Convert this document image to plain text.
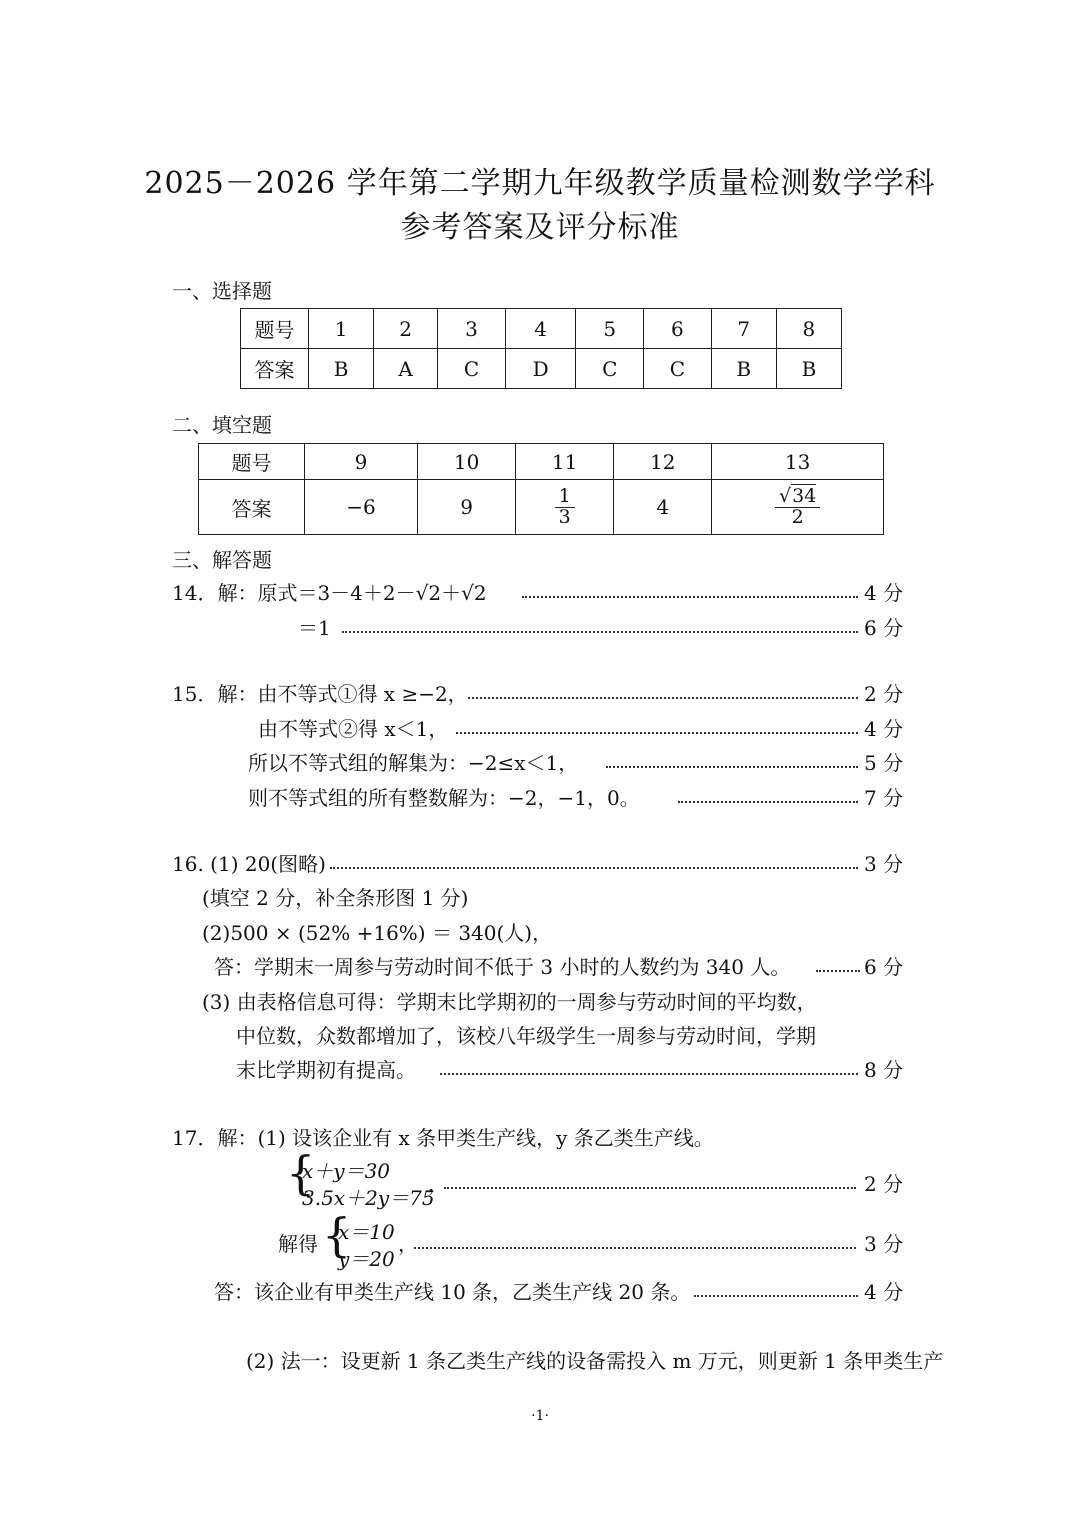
2025－2026 学年第二学期九年级教学质量检测数学学科
参考答案及评分标准
一、选择题
题号	1	2	3	4	5	6	7	8
答案	B	A	C	D	C	C	B	B
二、填空题
题号	9	10	11	12	13
答案	−6	9	$\frac{1}{3}$	4	$\frac{√34}{2}$
三、解答题
14．解：原式＝3－4＋2－√2＋√2	4 分
＝1	6 分
15．解：由不等式①得 x ≥−2，	2 分
由不等式②得 x＜1，	4 分
所以不等式组的解集为：−2≤x＜1，	5 分
则不等式组的所有整数解为：−2，−1，0。	7 分
16. (1) 20(图略)	3 分
(填空 2 分，补全条形图 1 分)
(2)500 × (52% +16%) ＝ 340(人)，
答：学期末一周参与劳动时间不低于 3 小时的人数约为 340 人。	6 分
(3) 由表格信息可得：学期末比学期初的一周参与劳动时间的平均数，
中位数，众数都增加了，该校八年级学生一周参与劳动时间，学期
末比学期初有提高。	8 分
17．解：(1) 设该企业有 x 条甲类生产线，y 条乙类生产线。
{
x＋y＝30
3.5x＋2y＝75
，	2 分
解得 {
x＝10
y＝20
，	3 分
答：该企业有甲类生产线 10 条，乙类生产线 20 条。	4 分
(2) 法一：设更新 1 条乙类生产线的设备需投入 m 万元，则更新 1 条甲类生产
·1·
